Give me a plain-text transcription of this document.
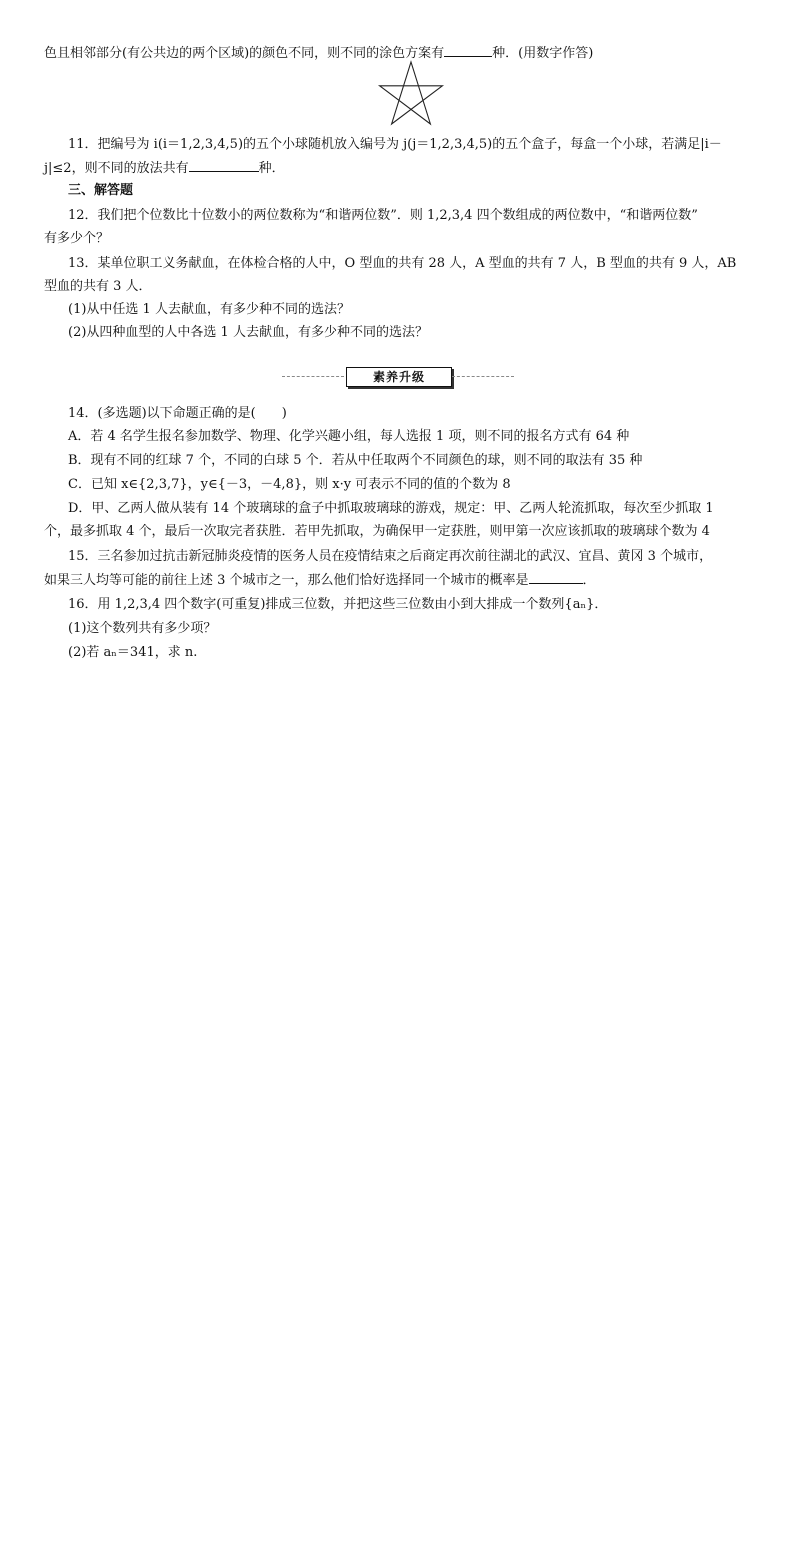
色且相邻部分(有公共边的两个区域)的颜色不同，则不同的涂色方案有	种．(用数字作答)
11．把编号为 i(i＝1,2,3,4,5)的五个小球随机放入编号为 j(j＝1,2,3,4,5)的五个盒子，每盒一个小球，若满足|i－
j|≤2，则不同的放法共有	种．
三、解答题
12．我们把个位数比十位数小的两位数称为“和谐两位数”．则 1,2,3,4 四个数组成的两位数中，“和谐两位数”
有多少个？
13．某单位职工义务献血，在体检合格的人中，O 型血的共有 28 人，A 型血的共有 7 人，B 型血的共有 9 人，AB
型血的共有 3 人．
(1)从中任选 1 人去献血，有多少种不同的选法？
(2)从四种血型的人中各选 1 人去献血，有多少种不同的选法？
素养升级
14．(多选题)以下命题正确的是(　　)
A．若 4 名学生报名参加数学、物理、化学兴趣小组，每人选报 1 项，则不同的报名方式有 64 种
B．现有不同的红球 7 个，不同的白球 5 个．若从中任取两个不同颜色的球，则不同的取法有 35 种
C．已知 x∈{2,3,7}，y∈{－3，－4,8}，则 x·y 可表示不同的值的个数为 8
D．甲、乙两人做从装有 14 个玻璃球的盒子中抓取玻璃球的游戏，规定：甲、乙两人轮流抓取，每次至少抓取 1
个，最多抓取 4 个，最后一次取完者获胜．若甲先抓取，为确保甲一定获胜，则甲第一次应该抓取的玻璃球个数为 4
15．三名参加过抗击新冠肺炎疫情的医务人员在疫情结束之后商定再次前往湖北的武汉、宜昌、黄冈 3 个城市，
如果三人均等可能的前往上述 3 个城市之一，那么他们恰好选择同一个城市的概率是	．
16．用 1,2,3,4 四个数字(可重复)排成三位数，并把这些三位数由小到大排成一个数列{aₙ}．
(1)这个数列共有多少项？
(2)若 aₙ＝341，求 n.
